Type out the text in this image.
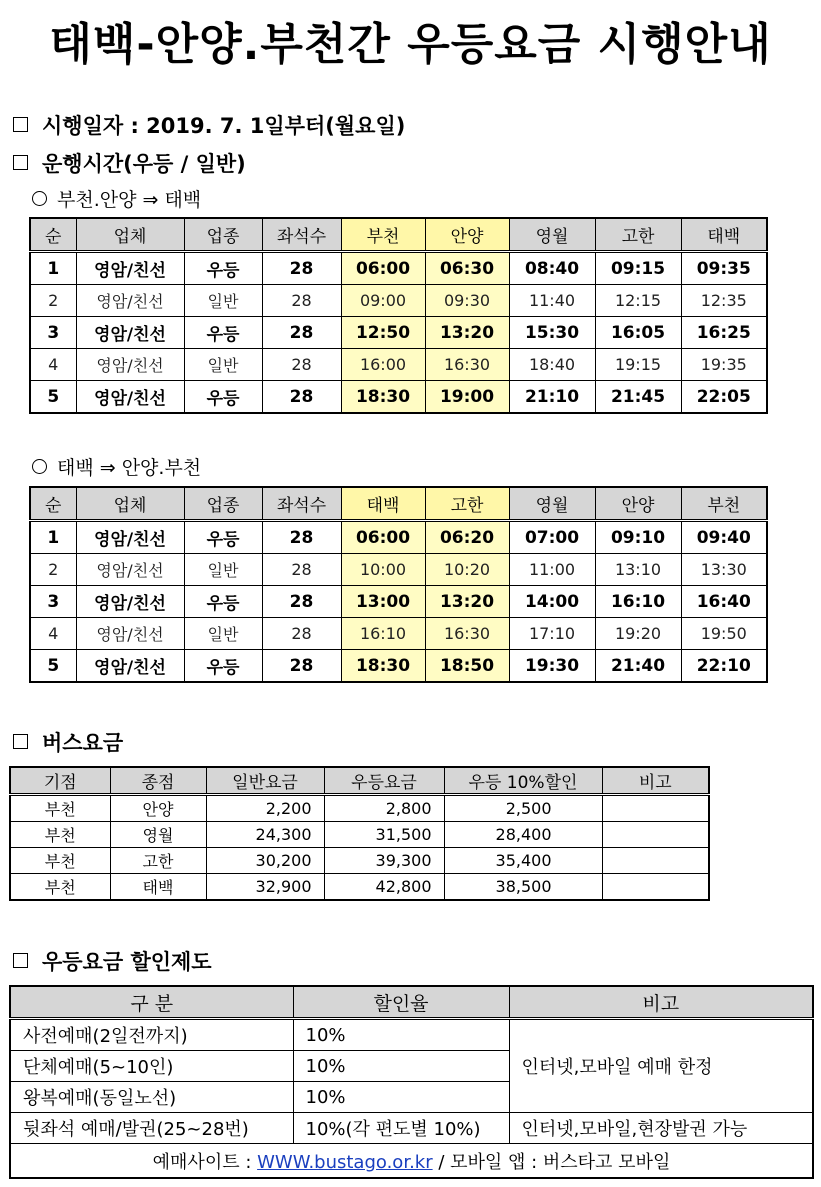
태백-안양.부천간 우등요금 시행안내
시행일자 : 2019. 7. 1일부터(월요일)
운행시간(우등 / 일반)
부천.안양 ⇒ 태백
순	업체	업종	좌석수	부천	안양	영월	고한	태백
1	영암/친선	우등	28	06:00	06:30	08:40	09:15	09:35
2	영암/친선	일반	28	09:00	09:30	11:40	12:15	12:35
3	영암/친선	우등	28	12:50	13:20	15:30	16:05	16:25
4	영암/친선	일반	28	16:00	16:30	18:40	19:15	19:35
5	영암/친선	우등	28	18:30	19:00	21:10	21:45	22:05
태백 ⇒ 안양.부천
순	업체	업종	좌석수	태백	고한	영월	안양	부천
1	영암/친선	우등	28	06:00	06:20	07:00	09:10	09:40
2	영암/친선	일반	28	10:00	10:20	11:00	13:10	13:30
3	영암/친선	우등	28	13:00	13:20	14:00	16:10	16:40
4	영암/친선	일반	28	16:10	16:30	17:10	19:20	19:50
5	영암/친선	우등	28	18:30	18:50	19:30	21:40	22:10
버스요금
기점	종점	일반요금	우등요금	우등 10%할인	비고
부천	안양	2,200	2,800	2,500	
부천	영월	24,300	31,500	28,400	
부천	고한	30,200	39,300	35,400	
부천	태백	32,900	42,800	38,500	
우등요금 할인제도
구 분	할인율	비고
사전예매(2일전까지)	10%	인터넷,모바일 예매 한정
단체예매(5~10인)	10%	
왕복예매(동일노선)	10%	
뒷좌석 예매/발권(25~28번)	10%(각 편도별 10%)	인터넷,모바일,현장발권 가능
예매사이트 : WWW.bustago.or.kr / 모바일 앱 : 버스타고 모바일		
